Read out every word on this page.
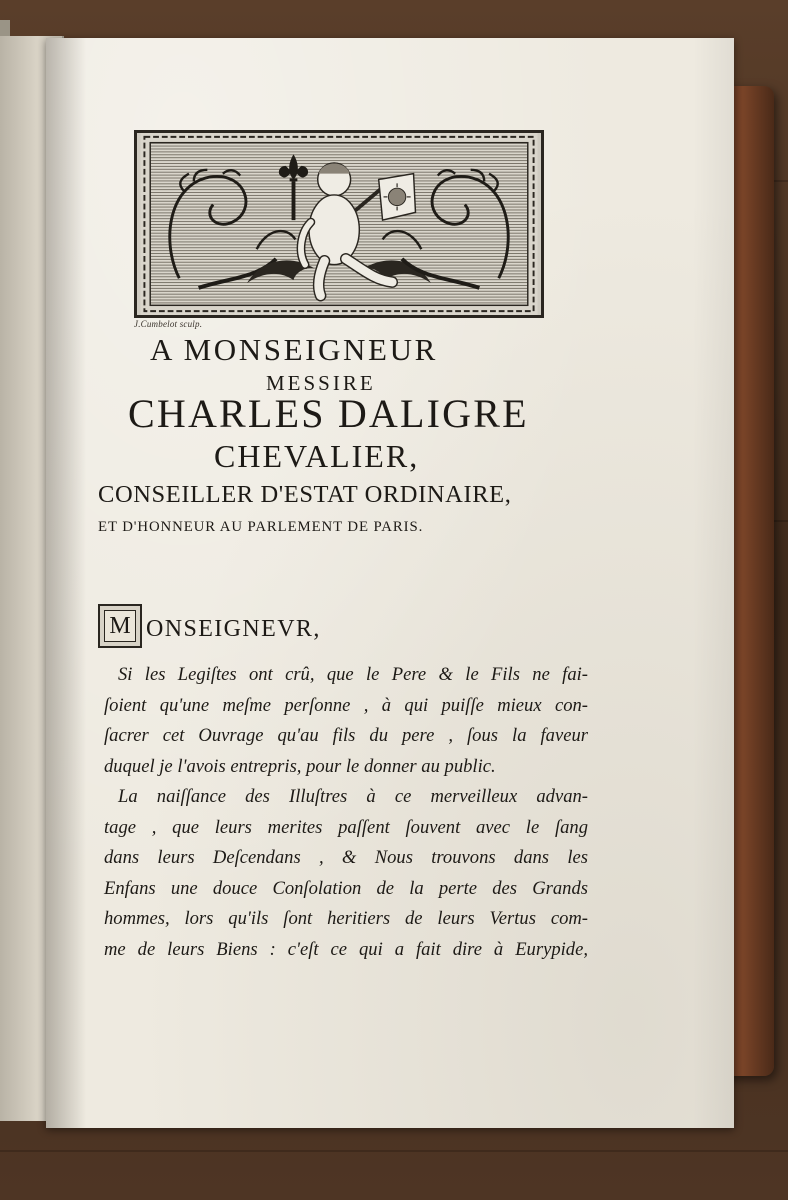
J.Cumbelot sculp.
A MONSEIGNEUR
MESSIRE
CHARLES DALIGRE
CHEVALIER,
CONSEILLER D'ESTAT ORDINAIRE,
ET D'HONNEUR AU PARLEMENT DE PARIS.
M ONSEIGNEVR,
Si les Legiſtes ont crû, que le Pere & le Fils ne fai-
ſoient qu'une meſme perſonne , à qui puiſſe mieux con-
ſacrer cet Ouvrage qu'au fils du pere , ſous la faveur
duquel je l'avois entrepris, pour le donner au public.
La naiſſance des Illuſtres à ce merveilleux advan-
tage , que leurs merites paſſent ſouvent avec le ſang
dans leurs Deſcendans , & Nous trouvons dans les
Enfans une douce Conſolation de la perte des Grands
hommes, lors qu'ils ſont heritiers de leurs Vertus com-
me de leurs Biens : c'eſt ce qui a fait dire à Eurypide,
